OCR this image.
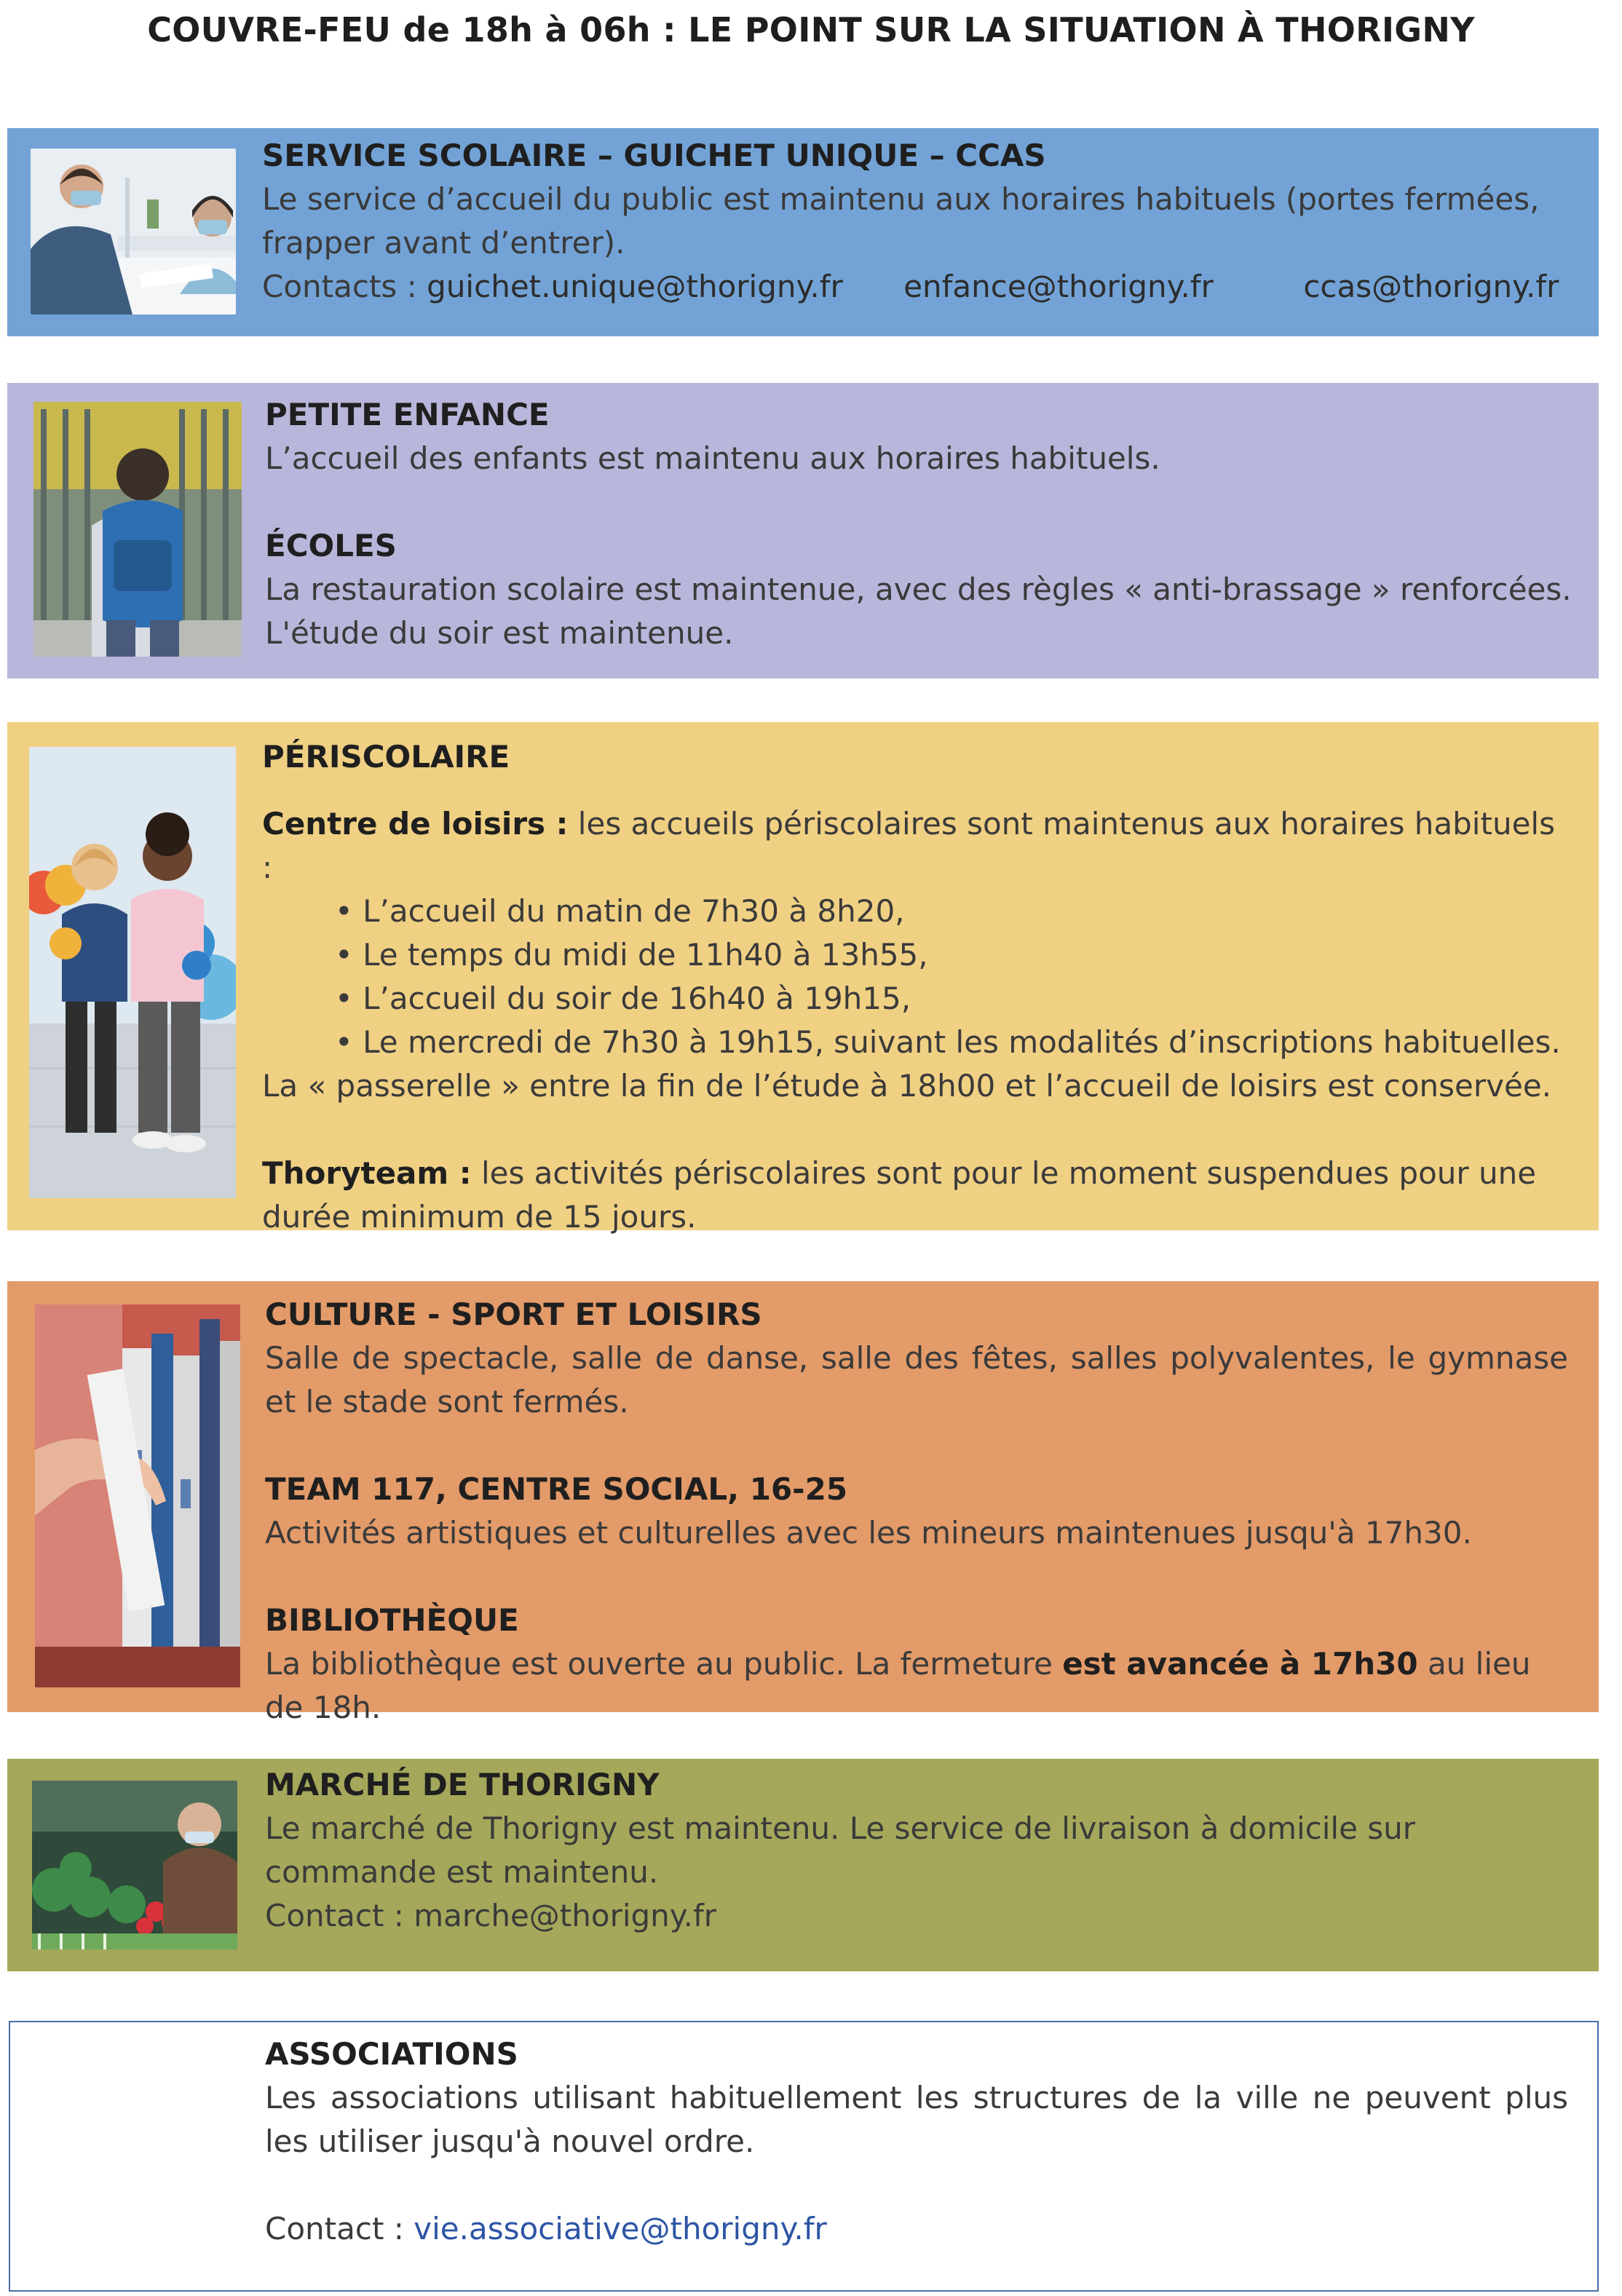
COUVRE-FEU de 18h à 06h : LE POINT SUR LA SITUATION À THORIGNY
SERVICE SCOLAIRE – GUICHET UNIQUE – CCAS
Le service d’accueil du public est maintenu aux horaires habituels (portes fermées, frapper avant d’entrer).
Contacts : guichet.unique@thorigny.fr enfance@thorigny.fr	ccas@thorigny.fr
PETITE ENFANCE
L’accueil des enfants est maintenu aux horaires habituels.
ÉCOLES
La restauration scolaire est maintenue, avec des règles « anti-brassage » renforcées.
L'étude du soir est maintenue.
PÉRISCOLAIRE
Centre de loisirs : les accueils périscolaires sont maintenus aux horaires habituels :
• L’accueil du matin de 7h30 à 8h20,
• Le temps du midi de 11h40 à 13h55,
• L’accueil du soir de 16h40 à 19h15,
• Le mercredi de 7h30 à 19h15, suivant les modalités d’inscriptions habituelles.
La « passerelle » entre la fin de l’étude à 18h00 et l’accueil de loisirs est conservée.
Thoryteam : les activités périscolaires sont pour le moment suspendues pour une durée minimum de 15 jours.
CULTURE - SPORT ET LOISIRS
Salle de spectacle, salle de danse, salle des fêtes, salles polyvalentes, le gymnase et le stade sont fermés.
TEAM 117, CENTRE SOCIAL, 16-25
Activités artistiques et culturelles avec les mineurs maintenues jusqu'à 17h30.
BIBLIOTHÈQUE
La bibliothèque est ouverte au public. La fermeture est avancée à 17h30 au lieu de 18h.
MARCHÉ DE THORIGNY
Le marché de Thorigny est maintenu. Le service de livraison à domicile sur commande est maintenu.
Contact : marche@thorigny.fr
ASSOCIATIONS
Les associations utilisant habituellement les structures de la ville ne peuvent plus les utiliser jusqu'à nouvel ordre.
Contact : vie.associative@thorigny.fr
